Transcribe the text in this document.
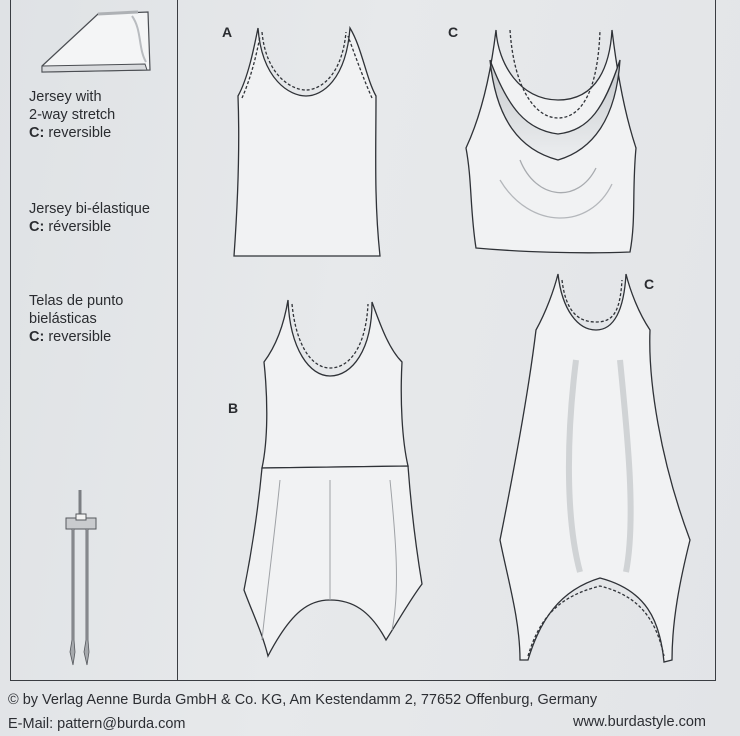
Jersey with
2-way stretch
C: reversible
Jersey bi-élastique
C: réversible
Telas de punto
bielásticas
C: reversible
A	C
B
C
© by Verlag Aenne Burda GmbH & Co. KG, Am Kestendamm 2, 77652 Offenburg, Germany
E-Mail: pattern@burda.com	www.burdastyle.com
